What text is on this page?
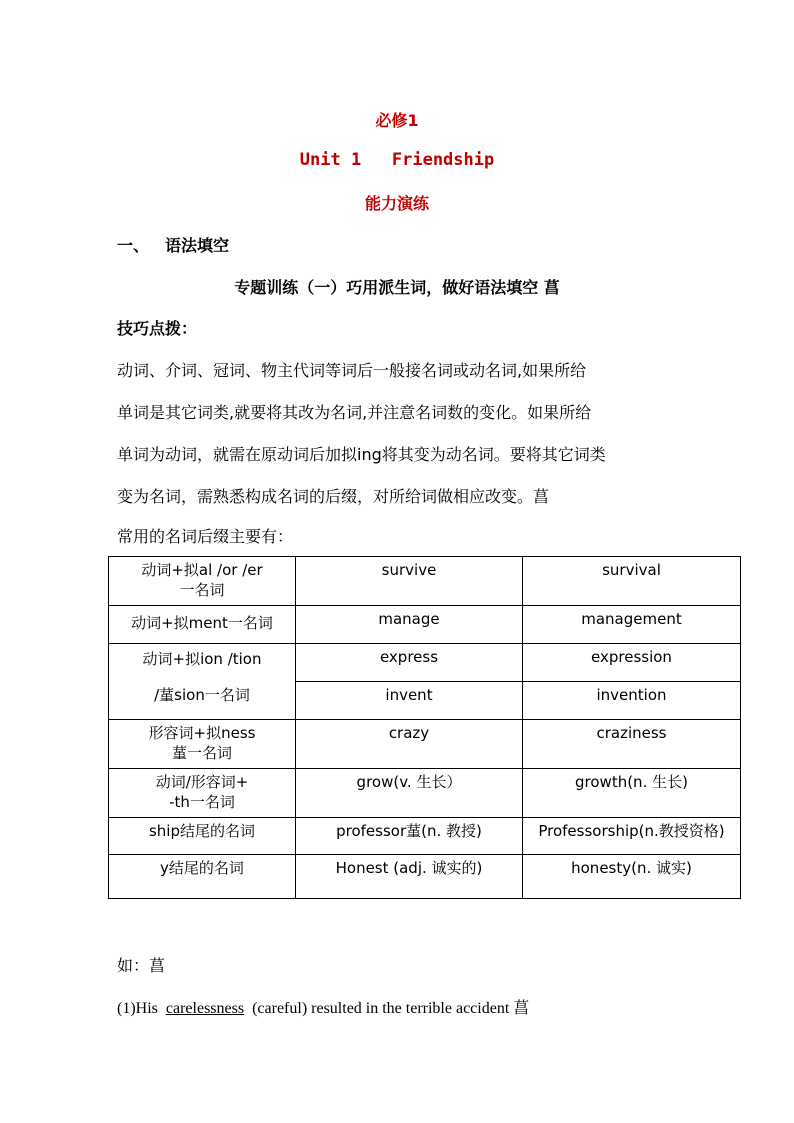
必修1
Unit 1   Friendship
能力演练
一、 语法填空
专题训练（一）巧用派生词，做好语法填空 菖
技巧点拨：
动词、介词、冠词、物主代词等词后一般接名词或动名词,如果所给
单词是其它词类,就要将其改为名词,并注意名词数的变化。如果所给
单词为动词，就需在原动词后加拟ing将其变为动名词。要将其它词类
变为名词，需熟悉构成名词的后缀，对所给词做相应改变。菖
常用的名词后缀主要有：
动词+拟al /or /er
一名词	survive	survival
动词+拟ment一名词	manage	management

动词+拟ion /tion

/蓳sion一名词	express	expression
	invent	invention

形容词+拟ness
蓳一名词	crazy	craziness

动词/形容词+
-th一名词	grow(v. 生长）	growth(n. 生长)
ship结尾的名词	professor蓳(n. 教授)	Professorship(n.教授资格)
y结尾的名词	Honest (adj. 诚实的)	honesty(n. 诚实)
如：菖
(1)His carelessness (careful) resulted in the terrible accident 菖
